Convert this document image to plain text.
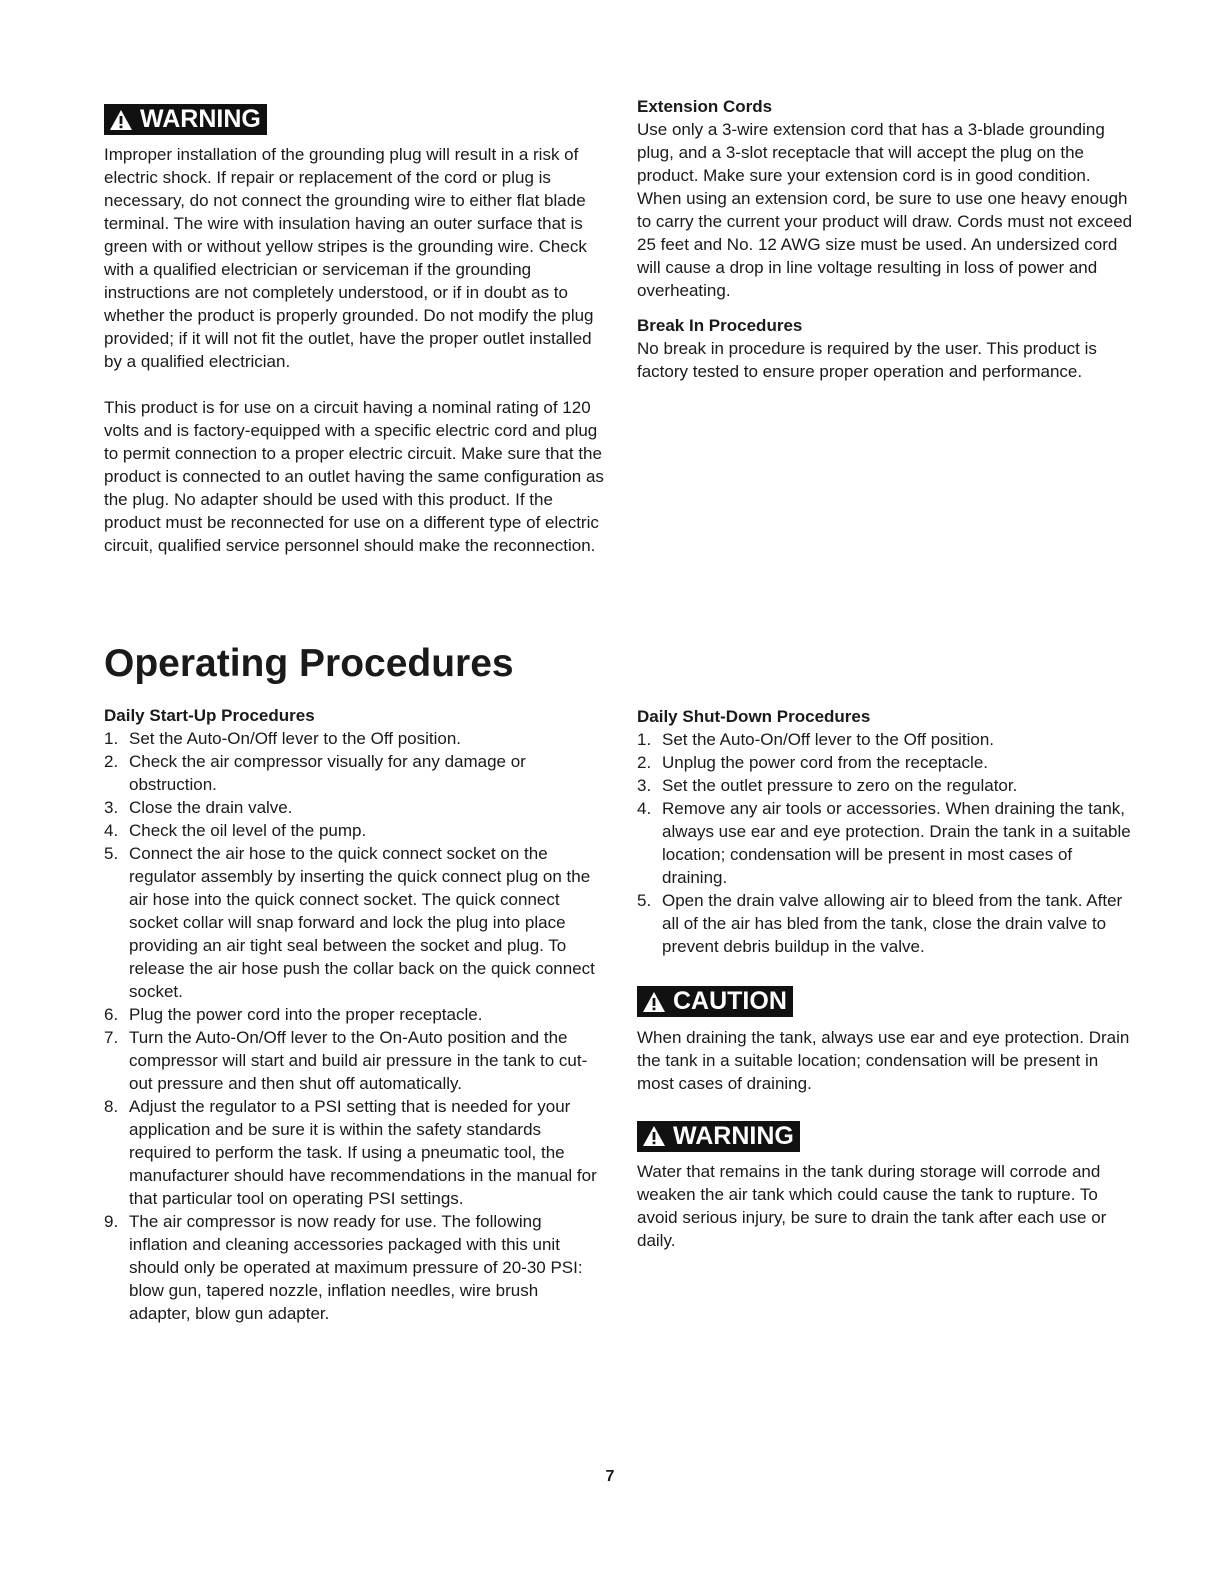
WARNING

Improper installation of the grounding plug will result in a risk of electric shock. If repair or replacement of the cord or plug is necessary, do not connect the grounding wire to either flat blade terminal. The wire with insulation having an outer surface that is green with or without yellow stripes is the grounding wire. Check with a qualified electrician or serviceman if the grounding instructions are not completely understood, or if in doubt as to whether the product is properly grounded. Do not modify the plug provided; if it will not fit the outlet, have the proper outlet installed by a qualified electrician.

This product is for use on a circuit having a nominal rating of 120 volts and is factory-equipped with a specific electric cord and plug to permit connection to a proper electric circuit. Make sure that the product is connected to an outlet having the same configuration as the plug. No adapter should be used with this product. If the product must be reconnected for use on a different type of electric circuit, qualified service personnel should make the reconnection.

Extension Cords

Use only a 3-wire extension cord that has a 3-blade grounding plug, and a 3-slot receptacle that will accept the plug on the product. Make sure your extension cord is in good condition. When using an extension cord, be sure to use one heavy enough to carry the current your product will draw. Cords must not exceed 25 feet and No. 12 AWG size must be used. An undersized cord will cause a drop in line voltage resulting in loss of power and overheating.

Break In Procedures

No break in procedure is required by the user. This product is factory tested to ensure proper operation and performance.

Operating Procedures
Daily Start-Up Procedures
1. Set the Auto-On/Off lever to the Off position.
2. Check the air compressor visually for any damage or obstruction.
3. Close the drain valve.
4. Check the oil level of the pump.
5. Connect the air hose to the quick connect socket on the regulator assembly by inserting the quick connect plug on the air hose into the quick connect socket. The quick connect socket collar will snap forward and lock the plug into place providing an air tight seal between the socket and plug. To release the air hose push the collar back on the quick connect socket.
6. Plug the power cord into the proper receptacle.
7. Turn the Auto-On/Off lever to the On-Auto position and the compressor will start and build air pressure in the tank to cut-out pressure and then shut off automatically.
8. Adjust the regulator to a PSI setting that is needed for your application and be sure it is within the safety standards required to perform the task. If using a pneumatic tool, the manufacturer should have recommendations in the manual for that particular tool on operating PSI settings.
9. The air compressor is now ready for use. The following inflation and cleaning accessories packaged with this unit should only be operated at maximum pressure of 20-30 PSI: blow gun, tapered nozzle, inflation needles, wire brush adapter, blow gun adapter.
Daily Shut-Down Procedures
1. Set the Auto-On/Off lever to the Off position.
2. Unplug the power cord from the receptacle.
3. Set the outlet pressure to zero on the regulator.
4. Remove any air tools or accessories. When draining the tank, always use ear and eye protection. Drain the tank in a suitable location; condensation will be present in most cases of draining.
5. Open the drain valve allowing air to bleed from the tank. After all of the air has bled from the tank, close the drain valve to prevent debris buildup in the valve.
CAUTION

When draining the tank, always use ear and eye protection. Drain the tank in a suitable location; condensation will be present in most cases of draining.

WARNING

Water that remains in the tank during storage will corrode and weaken the air tank which could cause the tank to rupture. To avoid serious injury, be sure to drain the tank after each use or daily.

7
